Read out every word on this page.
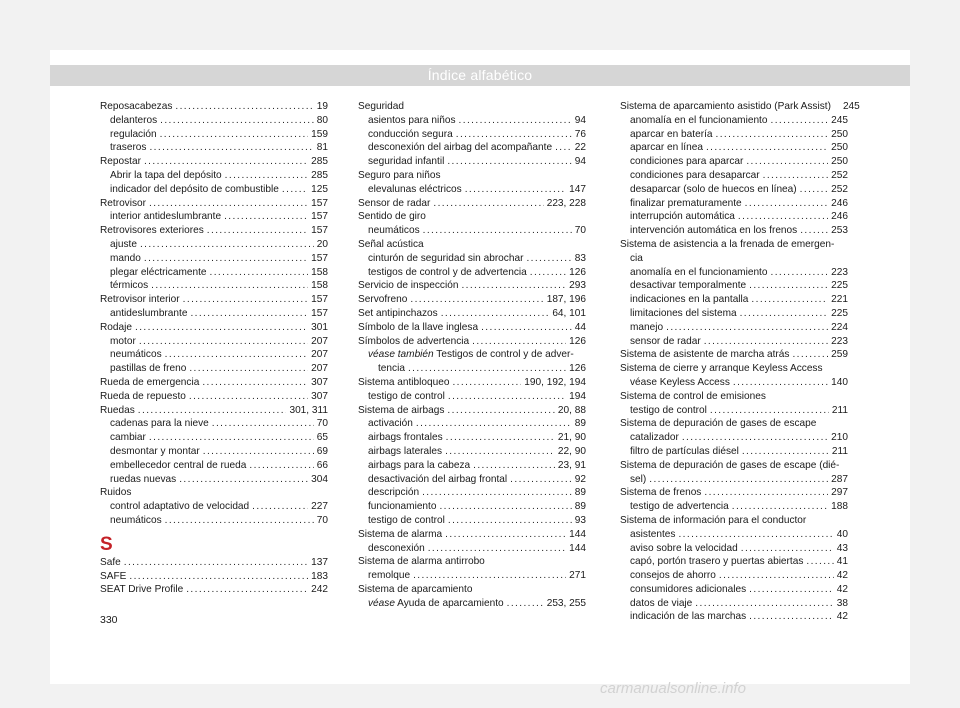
Índice alfabético
Reposacabezas .....	19
delanteros .....	80
regulación .....	159
traseros .....	81
Repostar .....	285
Abrir la tapa del depósito .....	285
indicador del depósito de combustible .....	125
Retrovisor .....	157
interior antideslumbrante .....	157
Retrovisores exteriores .....	157
ajuste .....	20
mando .....	157
plegar eléctricamente .....	158
térmicos .....	158
Retrovisor interior .....	157
antideslumbrante .....	157
Rodaje .....	301
motor .....	207
neumáticos .....	207
pastillas de freno .....	207
Rueda de emergencia .....	307
Rueda de repuesto .....	307
Ruedas .....	301, 311
cadenas para la nieve .....	70
cambiar .....	65
desmontar y montar .....	69
embellecedor central de rueda .....	66
ruedas nuevas .....	304
Ruidos
control adaptativo de velocidad .....	227
neumáticos .....	70
S
Safe .....	137
SAFE .....	183
SEAT Drive Profile .....	242
Seguridad
asientos para niños .....	94
conducción segura .....	76
desconexión del airbag del acompañante ..... 22
seguridad infantil .....	94
Seguro para niños
elevalunas eléctricos .....	147
Sensor de radar .....	223, 228
Sentido de giro
neumáticos .....	70
Señal acústica
cinturón de seguridad sin abrochar .....	83
testigos de control y de advertencia .....	126
Servicio de inspección .....	293
Servofreno .....	187, 196
Set antipinchazos .....	64, 101
Símbolo de la llave inglesa .....	44
Símbolos de advertencia .....	126
véase también Testigos de control y de adver-
tencia .....	126
Sistema antibloqueo .....	190, 192, 194
testigo de control .....	194
Sistema de airbags .....	20, 88
activación .....	89
airbags frontales .....	21, 90
airbags laterales .....	22, 90
airbags para la cabeza .....	23, 91
desactivación del airbag frontal .....	92
descripción .....	89
funcionamiento .....	89
testigo de control .....	93
Sistema de alarma .....	144
desconexión .....	144
Sistema de alarma antirrobo
remolque .....	271
Sistema de aparcamiento
véase Ayuda de aparcamiento .....	253, 255
Sistema de aparcamiento asistido (Park Assist) 245
anomalía en el funcionamiento .....	245
aparcar en batería .....	250
aparcar en línea .....	250
condiciones para aparcar .....	250
condiciones para desaparcar .....	252
desaparcar (solo de huecos en línea) .....	252
finalizar prematuramente .....	246
interrupción automática .....	246
intervención automática en los frenos .....	253
Sistema de asistencia a la frenada de emergen-
cia
anomalía en el funcionamiento .....	223
desactivar temporalmente .....	225
indicaciones en la pantalla .....	221
limitaciones del sistema .....	225
manejo .....	224
sensor de radar .....	223
Sistema de asistente de marcha atrás .....	259
Sistema de cierre y arranque Keyless Access
véase Keyless Access .....	140
Sistema de control de emisiones
testigo de control .....	211
Sistema de depuración de gases de escape
catalizador .....	210
filtro de partículas diésel .....	211
Sistema de depuración de gases de escape (dié-
sel) .....	287
Sistema de frenos .....	297
testigo de advertencia .....	188
Sistema de información para el conductor
asistentes .....	40
aviso sobre la velocidad .....	43
capó, portón trasero y puertas abiertas .....	41
consejos de ahorro .....	42
consumidores adicionales .....	42
datos de viaje .....	38
indicación de las marchas .....	42
330
carmanualsonline.info
